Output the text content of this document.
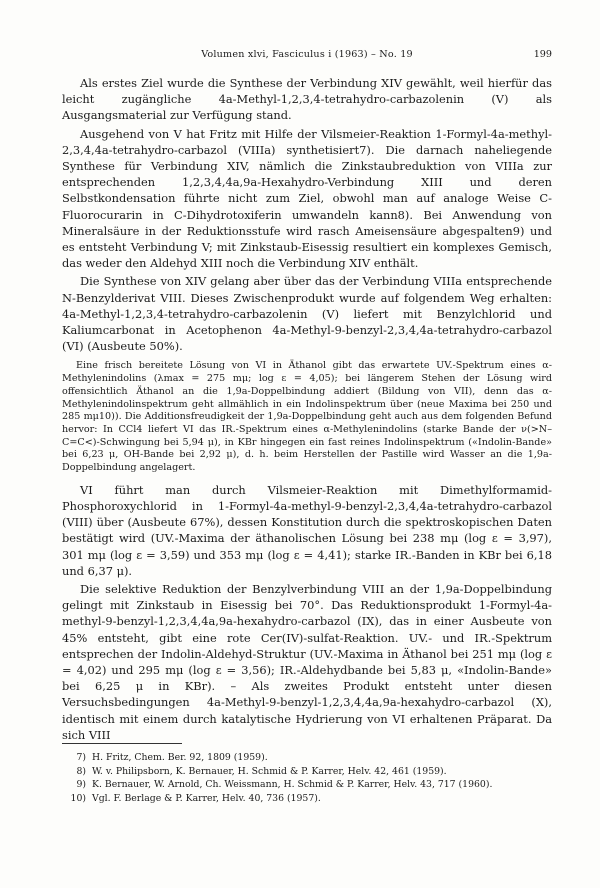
Volumen xlvi, Fasciculus i (1963) – No. 19	199

Als erstes Ziel wurde die Synthese der Verbindung XIV gewählt, weil hierfür das leicht zugängliche 4a-Methyl-1,2,3,4-tetrahydro-carbazolenin (V) als Ausgangsmaterial zur Verfügung stand.

Ausgehend von V hat Fritz mit Hilfe der Vilsmeier-Reaktion 1-Formyl-4a-methyl-2,3,4,4a-tetrahydro-carbazol (VIIIa) synthetisiert7). Die darnach naheliegende Synthese für Verbindung XIV, nämlich die Zinkstaubreduktion von VIIIa zur entsprechenden 1,2,3,4,4a,9a-Hexahydro-Verbindung XIII und deren Selbstkondensation führte nicht zum Ziel, obwohl man auf analoge Weise C-Fluorocurarin in C-Dihydrotoxiferin umwandeln kann8). Bei Anwendung von Mineralsäure in der Reduktionsstufe wird rasch Ameisensäure abgespalten9) und es entsteht Verbindung V; mit Zinkstaub-Eisessig resultiert ein komplexes Gemisch, das weder den Aldehyd XIII noch die Verbindung XIV enthält.

Die Synthese von XIV gelang aber über das der Verbindung VIIIa entsprechende N-Benzylderivat VIII. Dieses Zwischenprodukt wurde auf folgendem Weg erhalten: 4a-Methyl-1,2,3,4-tetrahydro-carbazolenin (V) liefert mit Benzylchlorid und Kaliumcarbonat in Acetophenon 4a-Methyl-9-benzyl-2,3,4,4a-tetrahydro-carbazol (VI) (Ausbeute 50%).

Eine frisch bereitete Lösung von VI in Äthanol gibt das erwartete UV.-Spektrum eines α-Methylenindolins (λmax = 275 mμ; log ε = 4,05); bei längerem Stehen der Lösung wird offensichtlich Äthanol an die 1,9a-Doppelbindung addiert (Bildung von VII), denn das α-Methylenindolinspektrum geht allmählich in ein Indolinspektrum über (neue Maxima bei 250 und 285 mμ10)). Die Additionsfreudigkeit der 1,9a-Doppelbindung geht auch aus dem folgenden Befund hervor: In CCl4 liefert VI das IR.-Spektrum eines α-Methylenindolins (starke Bande der ν(>N–C=C<)-Schwingung bei 5,94 μ), in KBr hingegen ein fast reines Indolinspektrum («Indolin-Bande» bei 6,23 μ, OH-Bande bei 2,92 μ), d. h. beim Herstellen der Pastille wird Wasser an die 1,9a-Doppelbindung angelagert.

VI führt man durch Vilsmeier-Reaktion mit Dimethylformamid-Phosphoroxychlorid in 1-Formyl-4a-methyl-9-benzyl-2,3,4,4a-tetrahydro-carbazol (VIII) über (Ausbeute 67%), dessen Konstitution durch die spektroskopischen Daten bestätigt wird (UV.-Maxima der äthanolischen Lösung bei 238 mμ (log ε = 3,97), 301 mμ (log ε = 3,59) und 353 mμ (log ε = 4,41); starke IR.-Banden in KBr bei 6,18 und 6,37 μ).

Die selektive Reduktion der Benzylverbindung VIII an der 1,9a-Doppelbindung gelingt mit Zinkstaub in Eisessig bei 70°. Das Reduktionsprodukt 1-Formyl-4a-methyl-9-benzyl-1,2,3,4,4a,9a-hexahydro-carbazol (IX), das in einer Ausbeute von 45% entsteht, gibt eine rote Cer(IV)-sulfat-Reaktion. UV.- und IR.-Spektrum entsprechen der Indolin-Aldehyd-Struktur (UV.-Maxima in Äthanol bei 251 mμ (log ε = 4,02) und 295 mμ (log ε = 3,56); IR.-Aldehydbande bei 5,83 μ, «Indolin-Bande» bei 6,25 μ in KBr). – Als zweites Produkt entsteht unter diesen Versuchsbedingungen 4a-Methyl-9-benzyl-1,2,3,4,4a,9a-hexahydro-carbazol (X), identisch mit einem durch katalytische Hydrierung von VI erhaltenen Präparat. Da sich VIII

7) H. Fritz, Chem. Ber. 92, 1809 (1959).
8) W. v. Philipsborn, K. Bernauer, H. Schmid & P. Karrer, Helv. 42, 461 (1959).
9) K. Bernauer, W. Arnold, Ch. Weissmann, H. Schmid & P. Karrer, Helv. 43, 717 (1960).
10) Vgl. F. Berlage & P. Karrer, Helv. 40, 736 (1957).
